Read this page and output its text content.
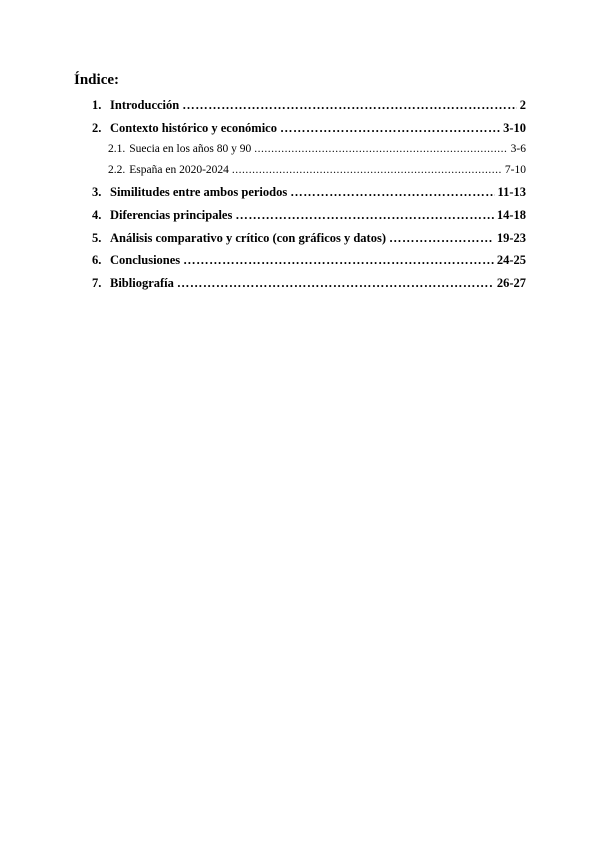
Índice:
1. Introducción ………………………………………………………………………………………………………………………………	2
2. Contexto histórico y económico ………………………………………………………………………………………………………………………………	3-10
2.1. Suecia en los años 80 y 90 .....	3-6
2.2. España en 2020-2024 .....	7-10
3. Similitudes entre ambos periodos ………………………………………………………………………………………………………………………………	11-13
4. Diferencias principales ………………………………………………………………………………………………………………………………	14-18
5. Análisis comparativo y crítico (con gráficos y datos) ………………………………………………………………………………………………………………………………	19-23
6. Conclusiones ………………………………………………………………………………………………………………………………	24-25
7. Bibliografía ………………………………………………………………………………………………………………………………	26-27
